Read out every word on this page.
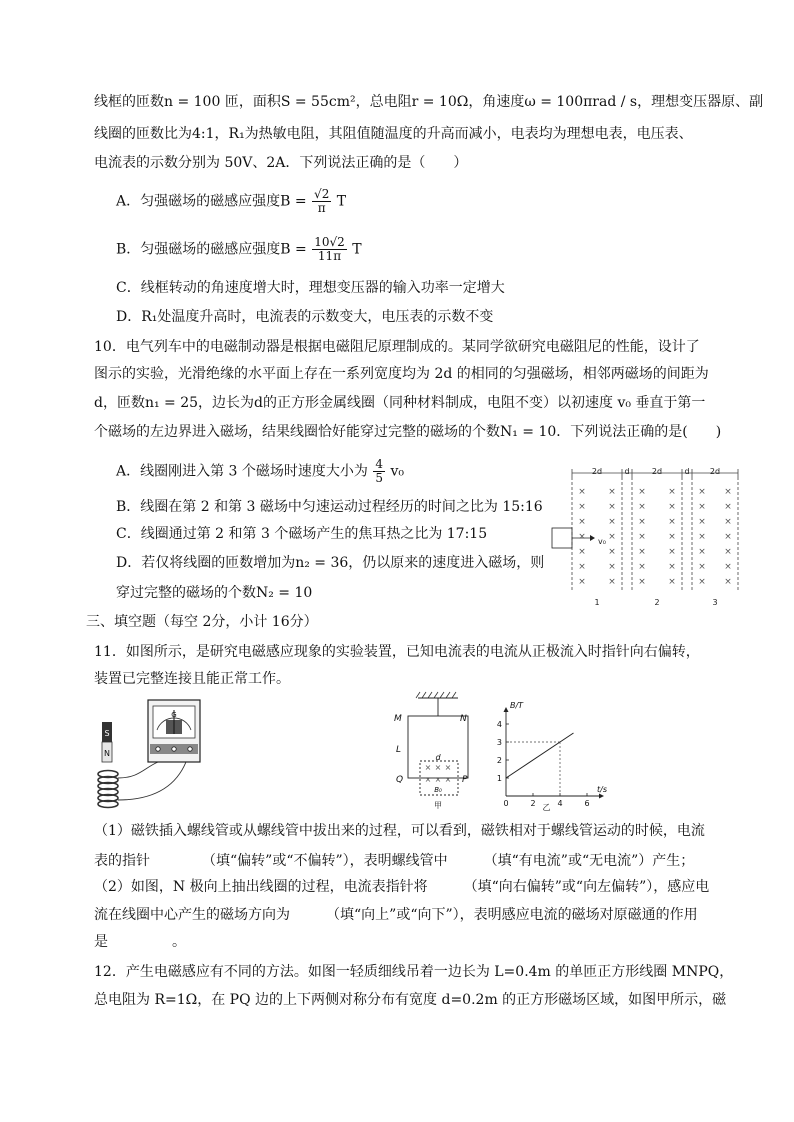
线框的匝数n = 100 匝，面积S = 55cm²，总电阻r = 10Ω，角速度ω = 100πrad / s，理想变压器原、副
线圈的匝数比为4:1，R₁为热敏电阻，其阻值随温度的升高而减小，电表均为理想电表，电压表、
电流表的示数分别为 50V、2A．下列说法正确的是（　　）
A．匀强磁场的磁感应强度$B = \frac{√2}{\pi}$ T
B．匀强磁场的磁感应强度$B = \frac{10√2}{11\pi}$ T
C．线框转动的角速度增大时，理想变压器的输入功率一定增大
D．R₁处温度升高时，电流表的示数变大，电压表的示数不变
10．电气列车中的电磁制动器是根据电磁阻尼原理制成的。某同学欲研究电磁阻尼的性能，设计了
图示的实验，光滑绝缘的水平面上存在一系列宽度均为 2d 的相同的匀强磁场，相邻两磁场的间距为
d，匝数n₁ = 25，边长为d的正方形金属线圈（同种材料制成，电阻不变）以初速度 v₀ 垂直于第一
个磁场的左边界进入磁场，结果线圈恰好能穿过完整的磁场的个数N₁ = 10．下列说法正确的是(　　)
A．线圈刚进入第 3 个磁场时速度大小为 $\frac{4}{5} v_0$
B．线圈在第 2 和第 3 磁场中匀速运动过程经历的时间之比为 15:16
C．线圈通过第 2 和第 3 个磁场产生的焦耳热之比为 17:15
D．若仅将线圈的匝数增加为n₂ = 36，仍以原来的速度进入磁场，则
穿过完整的磁场的个数N₂ = 10
v₀
2d	d	2d	d	2d
×
×
×
×
×
×
×
×
×
×
×
×
×
×
×
×
×
×
×
×
×
×
×
×
×
×
×
×
×
×
×
×
×
×
×
×
×
×
×
×
×
×
1	2	3
三、填空题（每空 2分，小计 16分）
11．如图所示，是研究电磁感应现象的实验装置，已知电流表的电流从正极流入时指针向右偏转，
装置已完整连接且能正常工作。
S
N
G
× × ×
× × ×
M	N
L
Q	P
d
B₀
甲	0	2	4	6
1
2
3
4
B/T
t/s
乙
（1）磁铁插入螺线管或从螺线管中拔出来的过程，可以看到，磁铁相对于螺线管运动的时候，电流
表的指针	（填“偏转”或“不偏转”），表明螺线管中	（填“有电流”或“无电流”）产生；
（2）如图，N 极向上抽出线圈的过程，电流表指针将	（填“向右偏转”或“向左偏转”），感应电
流在线圈中心产生的磁场方向为	（填“向上”或“向下”），表明感应电流的磁场对原磁通的作用
是	。
12．产生电磁感应有不同的方法。如图一轻质细线吊着一边长为 L=0.4m 的单匝正方形线圈 MNPQ，
总电阻为 R=1Ω，在 PQ 边的上下两侧对称分布有宽度 d=0.2m 的正方形磁场区域，如图甲所示，磁
